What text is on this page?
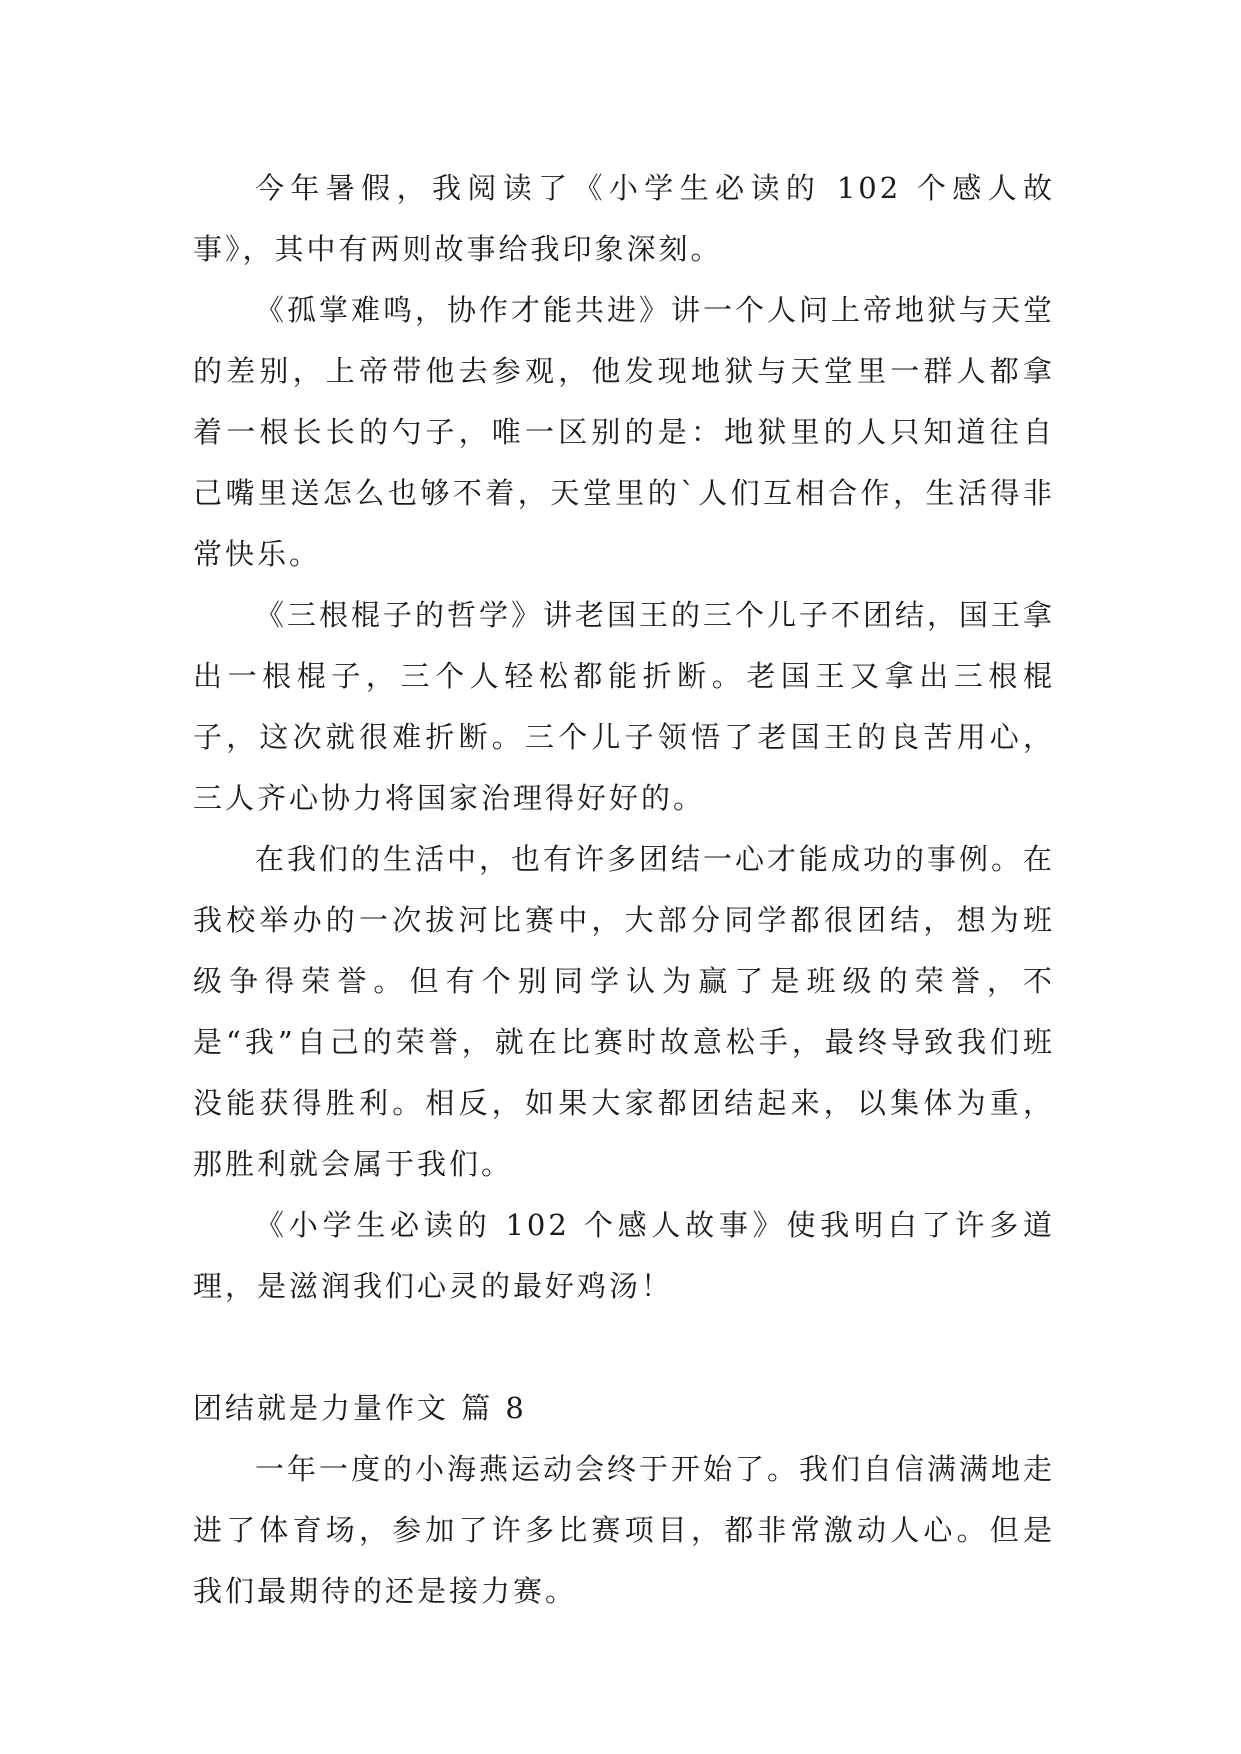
今年暑假，我阅读了《小学生必读的 102 个感人故事》，其中有两则故事给我印象深刻。

《孤掌难鸣，协作才能共进》讲一个人问上帝地狱与天堂的差别，上帝带他去参观，他发现地狱与天堂里一群人都拿着一根长长的勺子，唯一区别的是：地狱里的人只知道往自己嘴里送怎么也够不着，天堂里的`人们互相合作，生活得非常快乐。

《三根棍子的哲学》讲老国王的三个儿子不团结，国王拿出一根棍子，三个人轻松都能折断。老国王又拿出三根棍子，这次就很难折断。三个儿子领悟了老国王的良苦用心，三人齐心协力将国家治理得好好的。

在我们的生活中，也有许多团结一心才能成功的事例。在我校举办的一次拔河比赛中，大部分同学都很团结，想为班级争得荣誉。但有个别同学认为赢了是班级的荣誉，不是“我”自己的荣誉，就在比赛时故意松手，最终导致我们班没能获得胜利。相反，如果大家都团结起来，以集体为重，那胜利就会属于我们。

《小学生必读的 102 个感人故事》使我明白了许多道理，是滋润我们心灵的最好鸡汤！

团结就是力量作文 篇 8

一年一度的小海燕运动会终于开始了。我们自信满满地走进了体育场，参加了许多比赛项目，都非常激动人心。但是我们最期待的还是接力赛。
